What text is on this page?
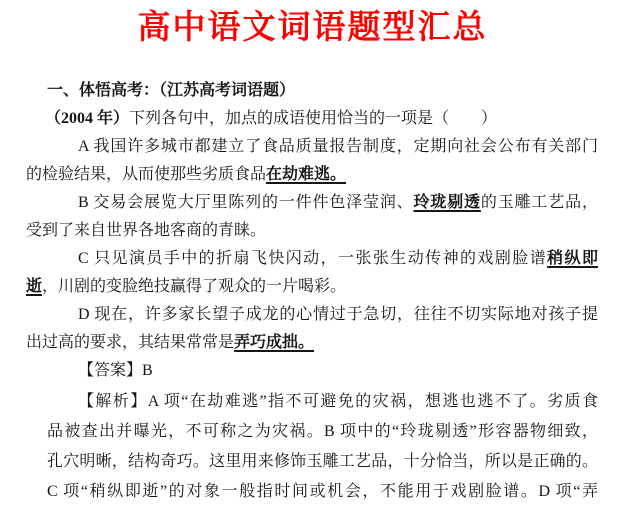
高中语文词语题型汇总
一、体悟高考：（江苏高考词语题）
（2004 年）下列各句中，加点的成语使用恰当的一项是（　　）
A 我国许多城市都建立了食品质量报告制度，定期向社会公布有关部门
的检验结果，从而使那些劣质食品在劫难逃。
B 交易会展览大厅里陈列的一件件色泽莹润、玲珑剔透的玉雕工艺品，
受到了来自世界各地客商的青睐。
C 只见演员手中的折扇飞快闪动，一张张生动传神的戏剧脸谱稍纵即
逝，川剧的变脸绝技赢得了观众的一片喝彩。
D 现在，许多家长望子成龙的心情过于急切，往往不切实际地对孩子提
出过高的要求，其结果常常是弄巧成拙。
【答案】B
【解析】A 项“在劫难逃”指不可避免的灾祸，想逃也逃不了。劣质食
品被查出并曝光，不可称之为灾祸。B 项中的“玲珑剔透”形容器物细致，
孔穴明晰，结构奇巧。这里用来修饰玉雕工艺品，十分恰当，所以是正确的。
C 项“稍纵即逝”的对象一般指时间或机会，不能用于戏剧脸谱。D 项“弄
